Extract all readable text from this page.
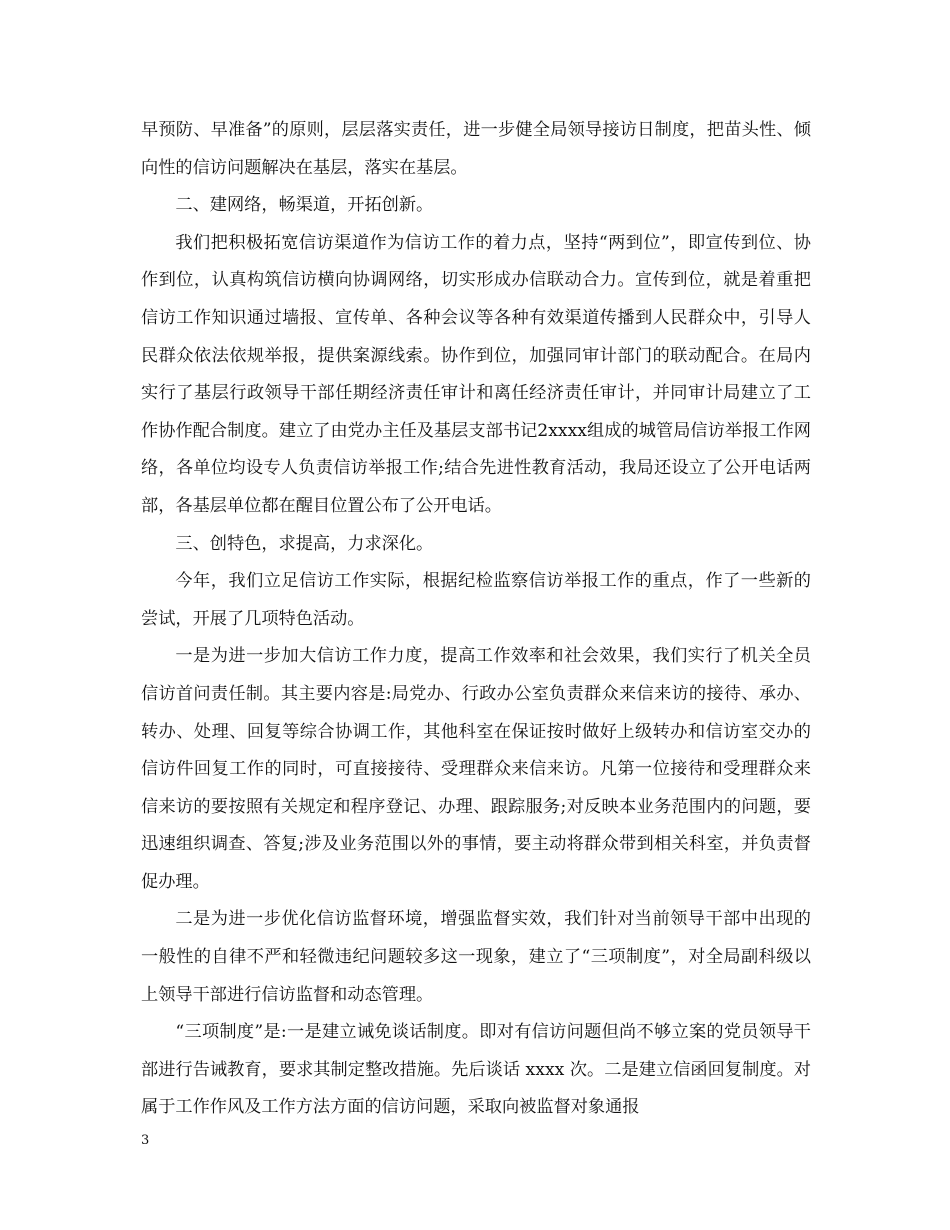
早预防、早准备”的原则，层层落实责任，进一步健全局领导接访日制度，把苗头性、倾向性的信访问题解决在基层，落实在基层。

二、建网络，畅渠道，开拓创新。

我们把积极拓宽信访渠道作为信访工作的着力点，坚持“两到位”，即宣传到位、协作到位，认真构筑信访横向协调网络，切实形成办信联动合力。宣传到位，就是着重把信访工作知识通过墙报、宣传单、各种会议等各种有效渠道传播到人民群众中，引导人民群众依法依规举报，提供案源线索。协作到位，加强同审计部门的联动配合。在局内实行了基层行政领导干部任期经济责任审计和离任经济责任审计，并同审计局建立了工作协作配合制度。建立了由党办主任及基层支部书记2xxxx组成的城管局信访举报工作网络，各单位均设专人负责信访举报工作;结合先进性教育活动，我局还设立了公开电话两部，各基层单位都在醒目位置公布了公开电话。

三、创特色，求提高，力求深化。

今年，我们立足信访工作实际，根据纪检监察信访举报工作的重点，作了一些新的尝试，开展了几项特色活动。

一是为进一步加大信访工作力度，提高工作效率和社会效果，我们实行了机关全员信访首问责任制。其主要内容是:局党办、行政办公室负责群众来信来访的接待、承办、转办、处理、回复等综合协调工作，其他科室在保证按时做好上级转办和信访室交办的信访件回复工作的同时，可直接接待、受理群众来信来访。凡第一位接待和受理群众来信来访的要按照有关规定和程序登记、办理、跟踪服务;对反映本业务范围内的问题，要迅速组织调查、答复;涉及业务范围以外的事情，要主动将群众带到相关科室，并负责督促办理。

二是为进一步优化信访监督环境，增强监督实效，我们针对当前领导干部中出现的一般性的自律不严和轻微违纪问题较多这一现象，建立了“三项制度”，对全局副科级以上领导干部进行信访监督和动态管理。

“三项制度”是:一是建立诫免谈话制度。即对有信访问题但尚不够立案的党员领导干部进行告诫教育，要求其制定整改措施。先后谈话 xxxx 次。二是建立信函回复制度。对属于工作作风及工作方法方面的信访问题，采取向被监督对象通报

3
